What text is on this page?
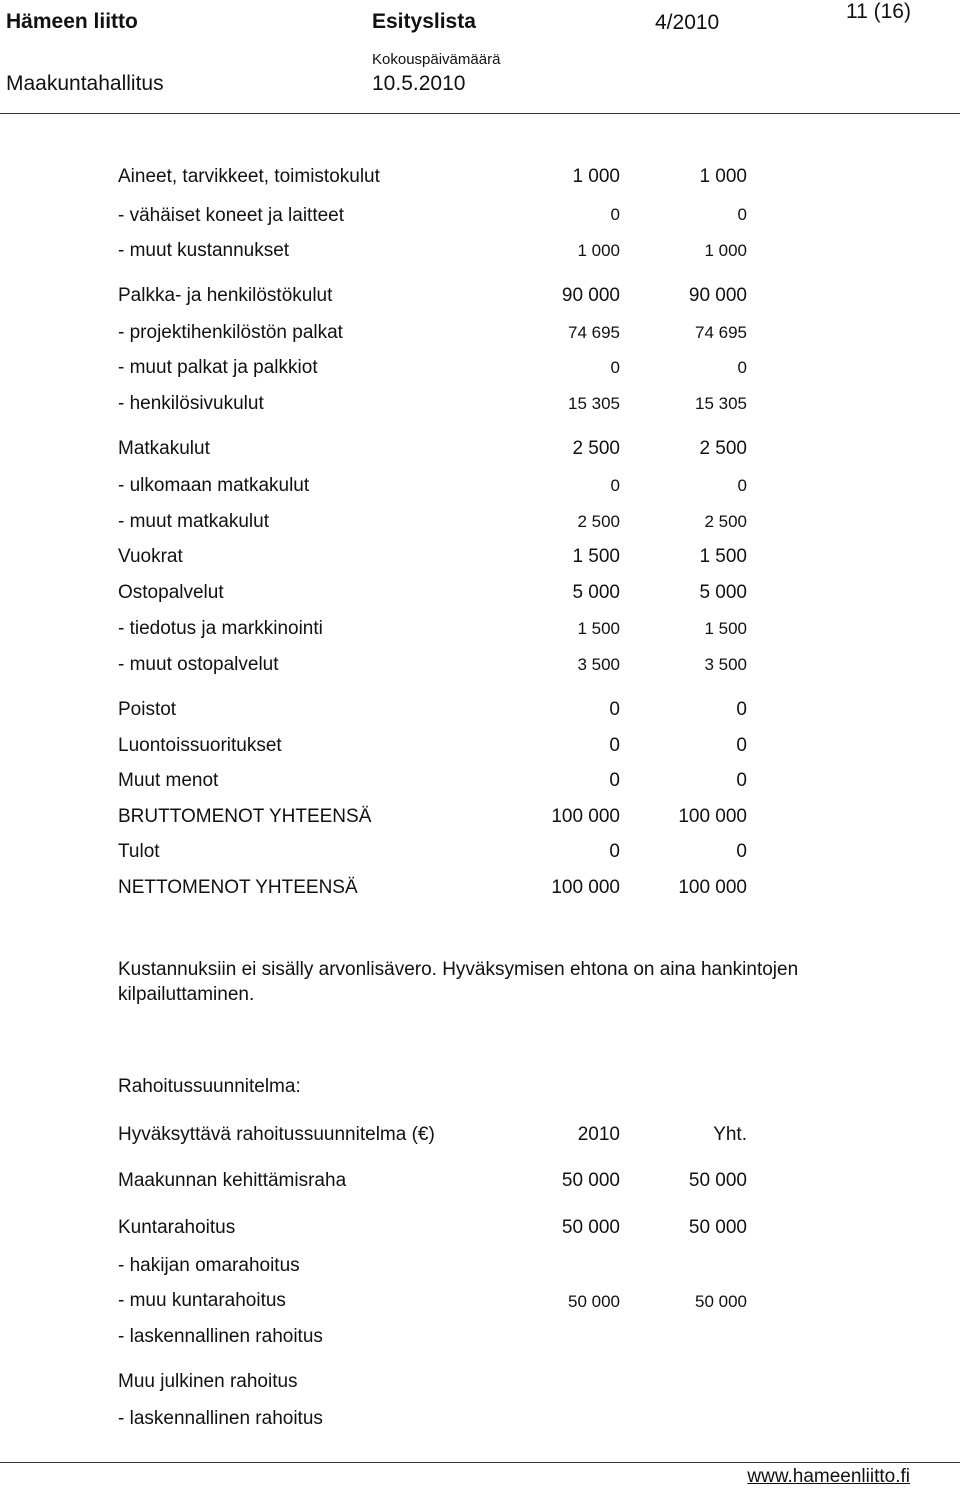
Hämeen liitto	Esityslista	4/2010	11 (16)
Maakuntahallitus
Kokouspäivämäärä
10.5.2010
Aineet, tarvikkeet, toimistokulut	1 000	1 000
- vähäiset koneet ja laitteet	0	0
- muut kustannukset	1 000	1 000
Palkka- ja henkilöstökulut	90 000	90 000
- projektihenkilöstön palkat	74 695	74 695
- muut palkat ja palkkiot	0	0
- henkilösivukulut	15 305	15 305
Matkakulut	2 500	2 500
- ulkomaan matkakulut	0	0
- muut matkakulut	2 500	2 500
Vuokrat	1 500	1 500
Ostopalvelut	5 000	5 000
- tiedotus ja markkinointi	1 500	1 500
- muut ostopalvelut	3 500	3 500
Poistot	0	0
Luontoissuoritukset	0	0
Muut menot	0	0
BRUTTOMENOT YHTEENSÄ	100 000	100 000
Tulot	0	0
NETTOMENOT YHTEENSÄ	100 000	100 000
Kustannuksiin ei sisälly arvonlisävero. Hyväksymisen ehtona on aina hankintojen kilpailuttaminen.
Rahoitussuunnitelma:
Hyväksyttävä rahoitussuunnitelma (€)	2010	Yht.
Maakunnan kehittämisraha	50 000	50 000
Kuntarahoitus	50 000	50 000
- hakijan omarahoitus
- muu kuntarahoitus	50 000	50 000
- laskennallinen rahoitus
Muu julkinen rahoitus
- laskennallinen rahoitus
www.hameenliitto.fi
